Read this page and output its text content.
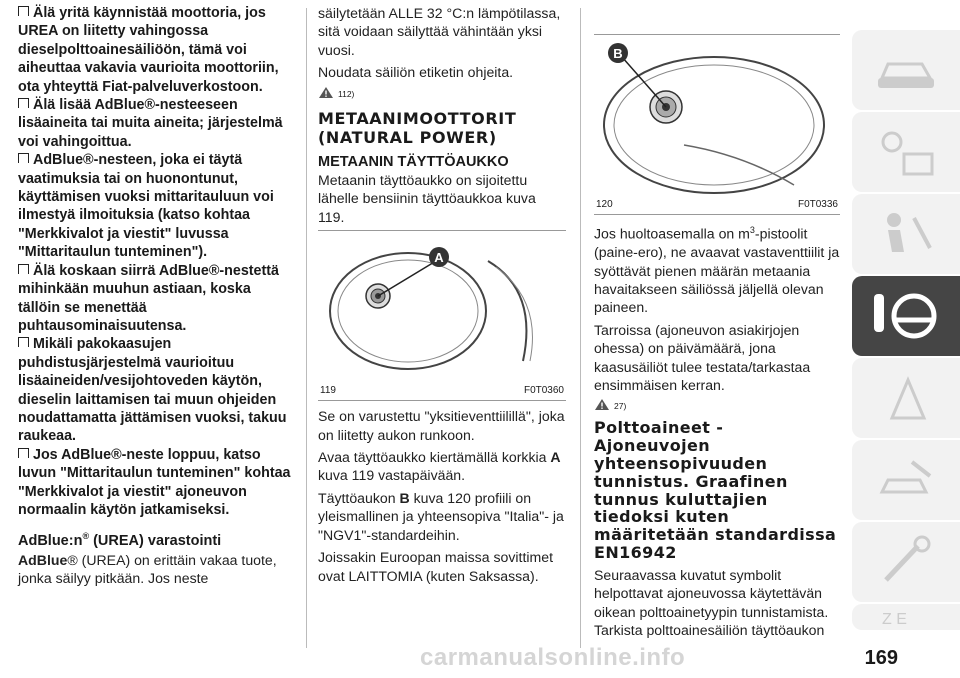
Älä yritä käynnistää moottoria, jos UREA on liitetty vahingossa dieselpolttoainesäiliöön, tämä voi aiheuttaa vakavia vaurioita moottoriin, ota yhteyttä Fiat-palveluverkostoon.

Älä lisää AdBlue®-nesteeseen lisäaineita tai muita aineita; järjestelmä voi vahingoittua.

AdBlue®-nesteen, joka ei täytä vaatimuksia tai on huonontunut, käyttämisen vuoksi mittaritauluun voi ilmestyä ilmoituksia (katso kohtaa "Merkkivalot ja viestit" luvussa "Mittaritaulun tunteminen").

Älä koskaan siirrä AdBlue®-nestettä mihinkään muuhun astiaan, koska tällöin se menettää puhtausominaisuutensa.

Mikäli pakokaasujen puhdistusjärjestelmä vaurioituu lisäaineiden/vesijohtoveden käytön, dieselin laittamisen tai muun ohjeiden noudattamatta jättämisen vuoksi, takuu raukeaa.

Jos AdBlue®-neste loppuu, katso luvun "Mittaritaulun tunteminen" kohtaa "Merkkivalot ja viestit" ajoneuvon normaalin käytön jatkamiseksi.

AdBlue:n® (UREA) varastointi

AdBlue® (UREA) on erittäin vakaa tuote, jonka säilyy pitkään. Jos neste

säilytetään ALLE 32 °C:n lämpötilassa, sitä voidaan säilyttää vähintään yksi vuosi.

Noudata säiliön etiketin ohjeita.

112)

METAANIMOOTTORIT (NATURAL POWER)

METAANIN TÄYTTÖAUKKO

Metaanin täyttöaukko on sijoitettu lähelle bensiinin täyttöaukkoa kuva 119.

A
119	F0T0360

Se on varustettu "yksitieventtiilillä", joka on liitetty aukon runkoon.

Avaa täyttöaukko kiertämällä korkkia A kuva 119 vastapäivään.

Täyttöaukon B kuva 120 profiili on yleismallinen ja yhteensopiva "Italia"- ja "NGV1"-standardeihin.

Joissakin Euroopan maissa sovittimet ovat LAITTOMIA (kuten Saksassa).

B
120	F0T0336

Jos huoltoasemalla on $m^3$-pistoolit (paine-ero), ne avaavat vastaventtiilit ja syöttävät pienen määrän metaania havaitakseen säiliössä jäljellä olevan paineen.

Tarroissa (ajoneuvon asiakirjojen ohessa) on päivämäärä, jona kaasusäiliöt tulee testata/tarkastaa ensimmäisen kerran.

27)

Polttoaineet - Ajoneuvojen yhteensopivuuden tunnistus. Graafinen tunnus kuluttajien tiedoksi kuten määritetään standardissa EN16942

Seuraavassa kuvatut symbolit helpottavat ajoneuvossa käytettävän oikean polttoainetyypin tunnistamista. Tarkista polttoainesäiliön täyttöaukon

Z E
169
carmanualsonline.info
